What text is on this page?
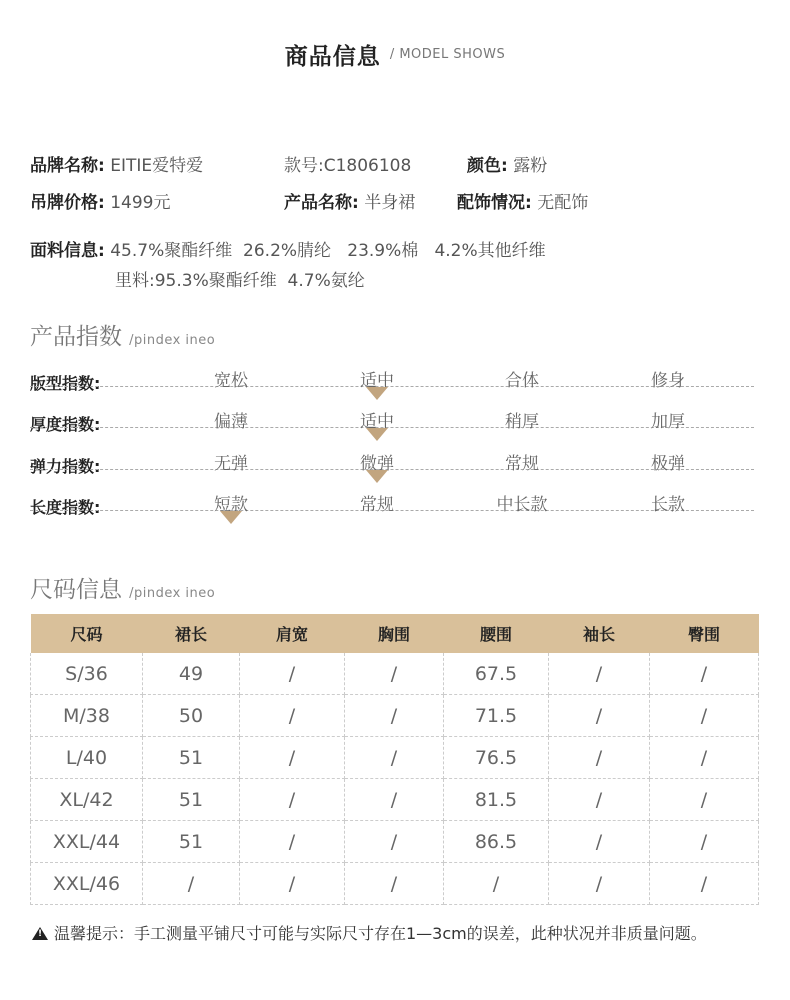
商品信息 / MODEL SHOWS
品牌名称: EITIE爱特爱	款号:C1806108	颜色: 露粉
吊牌价格: 1499元	产品名称: 半身裙 配饰情况: 无配饰
面料信息: 45.7%聚酯纤维  26.2%腈纶   23.9%棉   4.2%其他纤维
里料:95.3%聚酯纤维  4.7%氨纶
产品指数 /pindex ineo
版型指数:	宽松	适中	合体	修身
厚度指数:	偏薄	适中	稍厚	加厚
弹力指数:	无弹	微弹	常规	极弹
长度指数:	短款	常规	中长款	长款
尺码信息 /pindex ineo
尺码	裙长	肩宽	胸围	腰围	袖长	臀围
S/36	49	/	/	67.5	/	/
M/38	50	/	/	71.5	/	/
L/40	51	/	/	76.5	/	/
XL/42	51	/	/	81.5	/	/
XXL/44	51	/	/	86.5	/	/
XXL/46	/	/	/	/	/	/
!温馨提示：手工测量平铺尺寸可能与实际尺寸存在1—3cm的误差，此种状况并非质量问题。
